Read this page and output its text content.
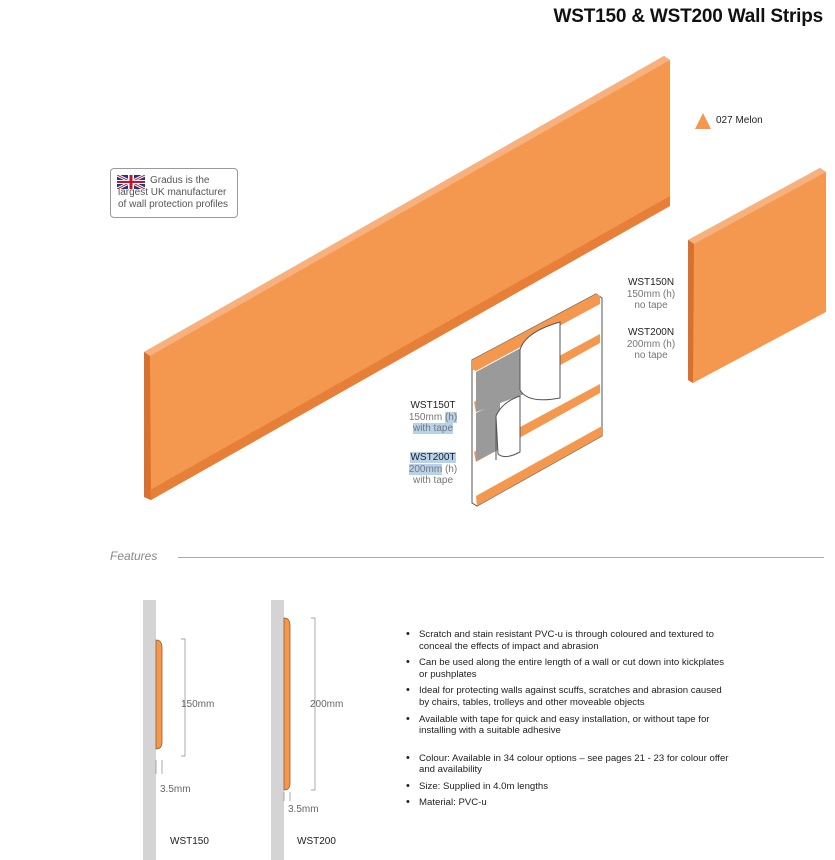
WST150 & WST200 Wall Strips
027 Melon
Gradus is the
largest UK manufacturer
of wall protection profiles
WST150N
150mm (h)
no tape
WST200N
200mm (h)
no tape
WST150T
150mm (h)
with tape
WST200T
200mm (h)
with tape
Features
150mm
3.5mm
WST150
200mm
3.5mm
WST200
• Scratch and stain resistant PVC-u is through coloured and textured to conceal the effects of impact and abrasion
• Can be used along the entire length of a wall or cut down into kickplates or pushplates
• Ideal for protecting walls against scuffs, scratches and abrasion caused by chairs, tables, trolleys and other moveable objects
• Available with tape for quick and easy installation, or without tape for installing with a suitable adhesive
• Colour: Available in 34 colour options – see pages 21 - 23 for colour offer and availability
• Size: Supplied in 4.0m lengths
• Material: PVC-u
